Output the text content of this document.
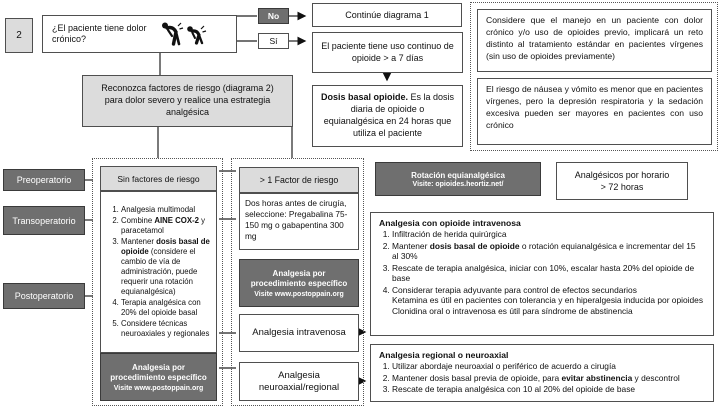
2
¿El paciente tiene dolor crónico?
No
Sí
Continúe diagrama 1
El paciente tiene uso continuo de opioide > a 7 días
Dosis basal opioide. Es la dosis diaria de opioide o equianalgésica en 24 horas que utiliza el paciente
Considere que el manejo en un paciente con dolor crónico y/o uso de opioides previo, implicará un reto distinto al tratamiento estándar en pacientes vírgenes (sin uso de opioides previamente)
El riesgo de náusea y vómito es menor que en pacientes vírgenes, pero la depresión respiratoria y la sedación excesiva pueden ser mayores en pacientes con uso crónico
Reconozca factores de riesgo (diagrama 2) para dolor severo y realice una estrategia analgésica
Preoperatorio
Transoperatorio
Postoperatorio
Sin factores de riesgo
1. Analgesia multimodal
2. Combine AINE COX-2 y paracetamol
3. Mantener dosis basal de opioide (considere el cambio de vía de administración, puede requerir una rotación equianalgésica)
4. Terapia analgésica con 20% del opioide basal
5. Considere técnicas neuroaxiales y regionales
Analgesia por procedimiento específico
Visite www.postoppain.org
> 1 Factor de riesgo
Dos horas antes de cirugía, seleccione: Pregabalina 75-150 mg o gabapentina 300 mg
Analgesia por procedimiento específico
Visite www.postoppain.org
Analgesia intravenosa
Analgesia neuroaxial/regional
Rotación equianalgésica
Visite: opioides.heortiz.net/
Analgésicos por horario
> 72 horas
Analgesia con opioide intravenosa
1. Infiltración de herida quirúrgica
2. Mantener dosis basal de opioide o rotación equianalgésica e incrementar del 15 al 30%
3. Rescate de terapia analgésica, iniciar con 10%, escalar hasta 20% del opioide de base
4. Considerar terapia adyuvante para control de efectos secundarios
Ketamina es útil en pacientes con tolerancia y en hiperalgesia inducida por opioides
Clonidina oral o intravenosa es útil para síndrome de abstinencia
Analgesia regional o neuroaxial
1. Utilizar abordaje neuroaxial o periférico de acuerdo a cirugía
2. Mantener dosis basal previa de opioide, para evitar abstinencia y descontrol
3. Rescate de terapia analgésica con 10 al 20% del opioide de base
